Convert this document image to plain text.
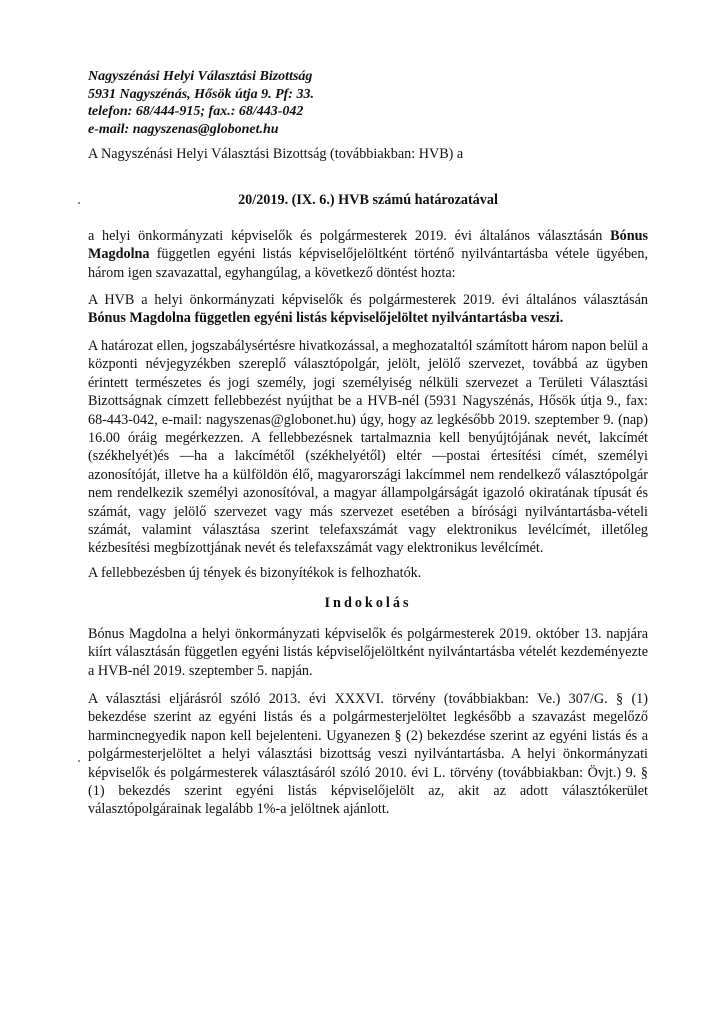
Nagyszénási Helyi Választási Bizottság
5931 Nagyszénás, Hősök útja 9. Pf: 33.
telefon: 68/444-915; fax.: 68/443-042
e-mail: nagyszenas@globonet.hu
A Nagyszénási Helyi Választási Bizottság (továbbiakban: HVB) a
20/2019. (IX. 6.) HVB számú határozatával
a helyi önkormányzati képviselők és polgármesterek 2019. évi általános választásán Bónus Magdolna független egyéni listás képviselőjelöltként történő nyilvántartásba vétele ügyében, három igen szavazattal, egyhangúlag, a következő döntést hozta:
A HVB a helyi önkormányzati képviselők és polgármesterek 2019. évi általános választásán Bónus Magdolna független egyéni listás képviselőjelöltet nyilvántartásba veszi.
A határozat ellen, jogszabálysértésre hivatkozással, a meghozataltól számított három napon belül a központi névjegyzékben szereplő választópolgár, jelölt, jelölő szervezet, továbbá az ügyben érintett természetes és jogi személy, jogi személyiség nélküli szervezet a Területi Választási Bizottságnak címzett fellebbezést nyújthat be a HVB-nél (5931 Nagyszénás, Hősök útja 9., fax: 68-443-042, e-mail: nagyszenas@globonet.hu) úgy, hogy az legkésőbb 2019. szeptember 9. (nap) 16.00 óráig megérkezzen. A fellebbezésnek tartalmaznia kell benyújtójának nevét, lakcímét (székhelyét)és —ha a lakcímétől (székhelyétől) eltér —postai értesítési címét, személyi azonosítóját, illetve ha a külföldön élő, magyarországi lakcímmel nem rendelkező választópolgár nem rendelkezik személyi azonosítóval, a magyar állampolgárságát igazoló okiratának típusát és számát, vagy jelölő szervezet vagy más szervezet esetében a bírósági nyilvántartásba-vételi számát, valamint választása szerint telefaxszámát vagy elektronikus levélcímét, illetőleg kézbesítési megbízottjának nevét és telefaxszámát vagy elektronikus levélcímét.
A fellebbezésben új tények és bizonyítékok is felhozhatók.
Indokolás
Bónus Magdolna a helyi önkormányzati képviselők és polgármesterek 2019. október 13. napjára kiírt választásán független egyéni listás képviselőjelöltként nyilvántartásba vételét kezdeményezte a HVB-nél 2019. szeptember 5. napján.
A választási eljárásról szóló 2013. évi XXXVI. törvény (továbbiakban: Ve.) 307/G. § (1) bekezdése szerint az egyéni listás és a polgármesterjelöltet legkésőbb a szavazást megelőző harmincnegyedik napon kell bejelenteni. Ugyanezen § (2) bekezdése szerint az egyéni listás és a polgármesterjelöltet a helyi választási bizottság veszi nyilvántartásba. A helyi önkormányzati képviselők és polgármesterek választásáról szóló 2010. évi L. törvény (továbbiakban: Övjt.) 9. § (1) bekezdés szerint egyéni listás képviselőjelölt az, akit az adott választókerület választópolgárainak legalább 1%-a jelöltnek ajánlott.
